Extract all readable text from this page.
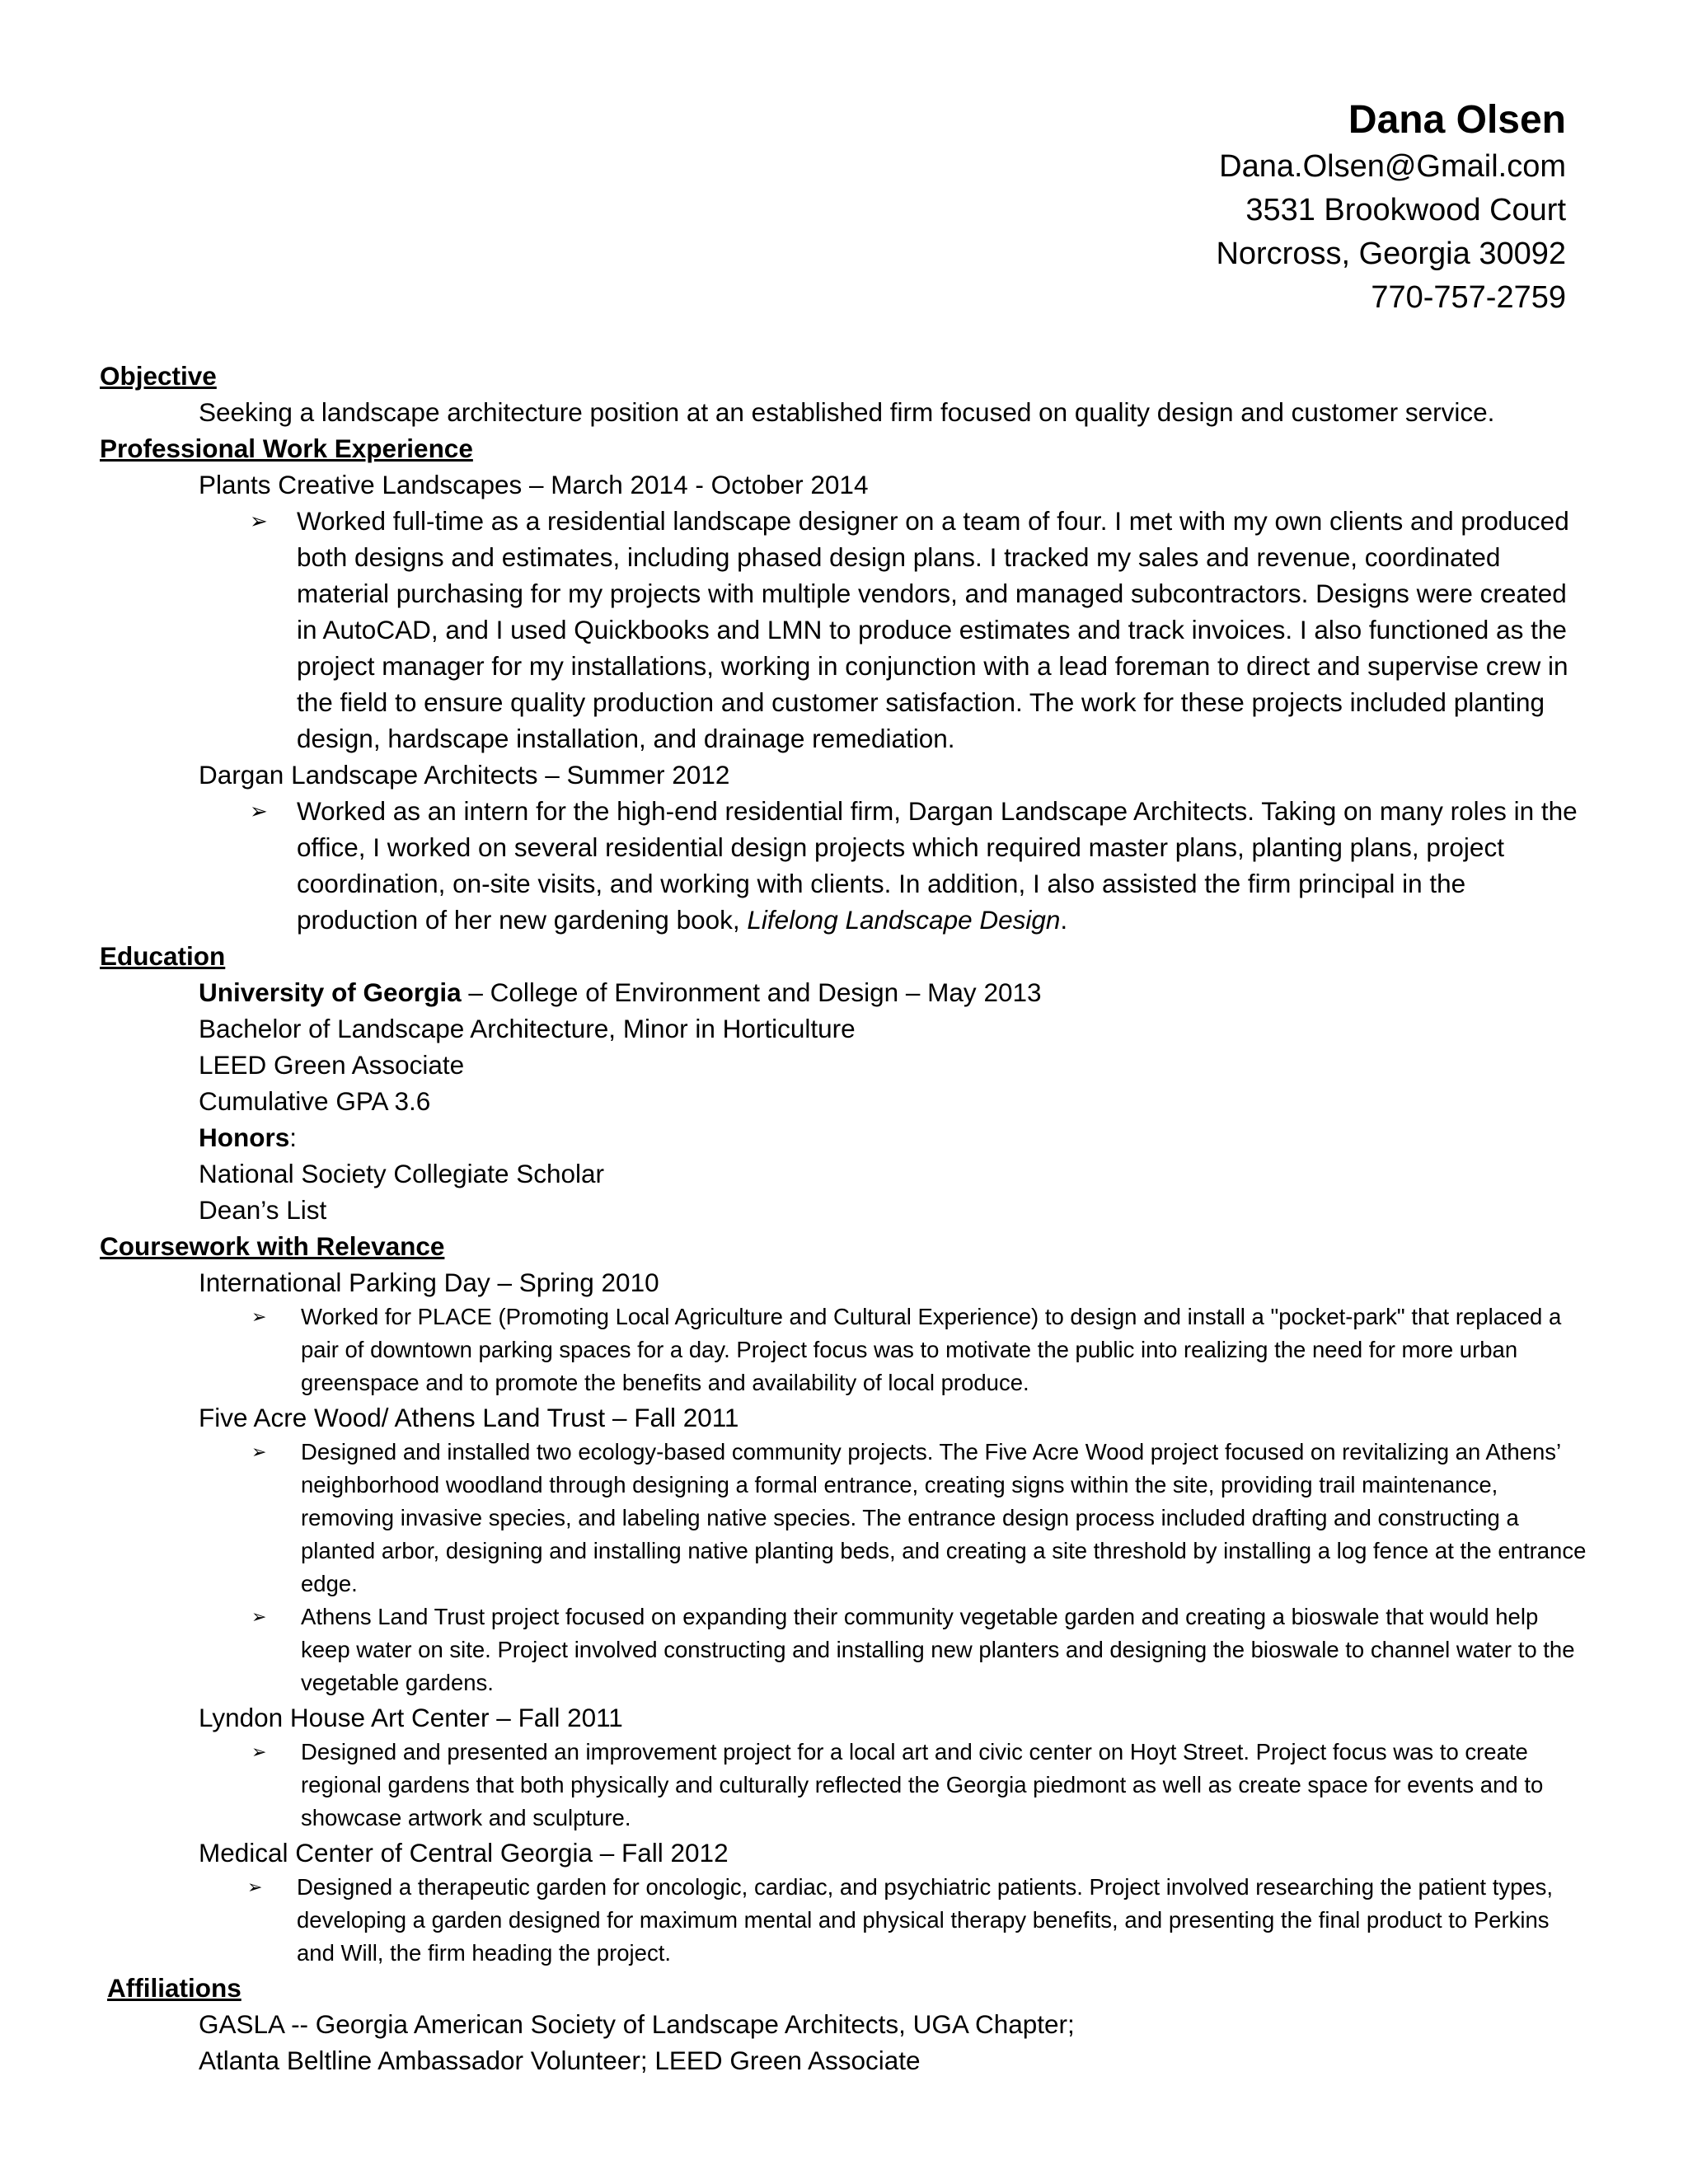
Dana Olsen
Dana.Olsen@Gmail.com
3531 Brookwood Court
Norcross, Georgia 30092
770-757-2759
Objective
Seeking a landscape architecture position at an established firm focused on quality design and customer service.
Professional Work Experience
Plants Creative Landscapes – March 2014 - October 2014
➢ Worked full-time as a residential landscape designer on a team of four. I met with my own clients and produced both designs and estimates, including phased design plans. I tracked my sales and revenue, coordinated material purchasing for my projects with multiple vendors, and managed subcontractors. Designs were created in AutoCAD, and I used Quickbooks and LMN to produce estimates and track invoices. I also functioned as the project manager for my installations, working in conjunction with a lead foreman to direct and supervise crew in the field to ensure quality production and customer satisfaction. The work for these projects included planting design, hardscape installation, and drainage remediation.
Dargan Landscape Architects – Summer 2012
➢ Worked as an intern for the high-end residential firm, Dargan Landscape Architects. Taking on many roles in the office, I worked on several residential design projects which required master plans, planting plans, project coordination, on-site visits, and working with clients. In addition, I also assisted the firm principal in the production of her new gardening book, Lifelong Landscape Design.
Education
University of Georgia – College of Environment and Design – May 2013
Bachelor of Landscape Architecture, Minor in Horticulture
LEED Green Associate
Cumulative GPA 3.6
Honors:
National Society Collegiate Scholar
Dean’s List
Coursework with Relevance
International Parking Day – Spring 2010
➢ Worked for PLACE (Promoting Local Agriculture and Cultural Experience) to design and install a "pocket-park" that replaced a pair of downtown parking spaces for a day. Project focus was to motivate the public into realizing the need for more urban greenspace and to promote the benefits and availability of local produce.
Five Acre Wood/ Athens Land Trust – Fall 2011
➢ Designed and installed two ecology-based community projects. The Five Acre Wood project focused on revitalizing an Athens’ neighborhood woodland through designing a formal entrance, creating signs within the site, providing trail maintenance, removing invasive species, and labeling native species. The entrance design process included drafting and constructing a planted arbor, designing and installing native planting beds, and creating a site threshold by installing a log fence at the entrance edge.
➢ Athens Land Trust project focused on expanding their community vegetable garden and creating a bioswale that would help keep water on site. Project involved constructing and installing new planters and designing the bioswale to channel water to the vegetable gardens.
Lyndon House Art Center – Fall 2011
➢ Designed and presented an improvement project for a local art and civic center on Hoyt Street. Project focus was to create regional gardens that both physically and culturally reflected the Georgia piedmont as well as create space for events and to showcase artwork and sculpture.
Medical Center of Central Georgia – Fall 2012
➢ Designed a therapeutic garden for oncologic, cardiac, and psychiatric patients. Project involved researching the patient types, developing a garden designed for maximum mental and physical therapy benefits, and presenting the final product to Perkins and Will, the firm heading the project.
Affiliations
GASLA -- Georgia American Society of Landscape Architects, UGA Chapter;
Atlanta Beltline Ambassador Volunteer; LEED Green Associate
